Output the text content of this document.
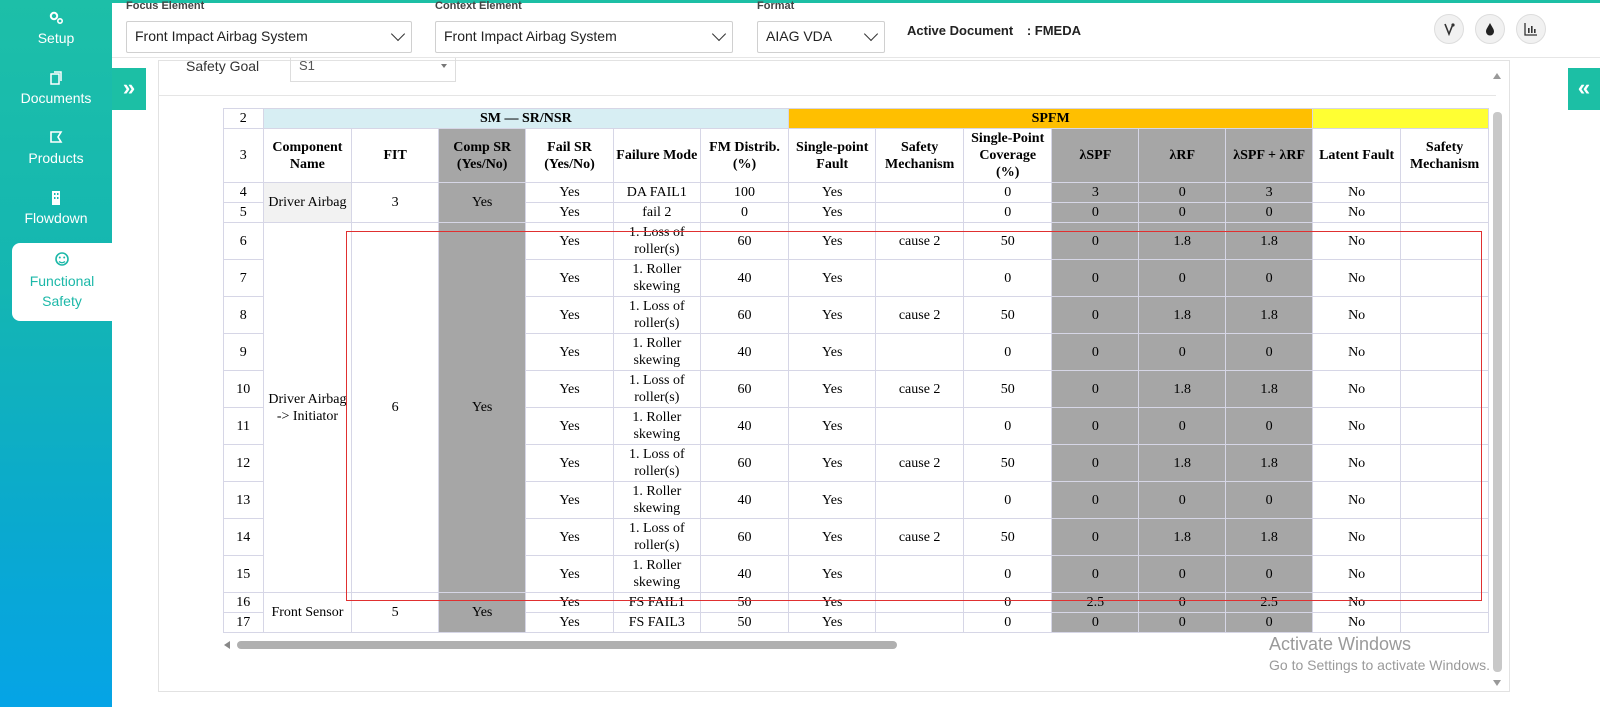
Setup
Documents
Products
Flowdown
Functional
Safety
»	«
Focus Element
Front Impact Airbag System
Context Element
Front Impact Airbag System
Format
AIAG VDA	Active Document : FMEDA
Safety Goal	S1
2	SM — SR/NSR						SPFM							
3	Component Name	FIT	Comp SR (Yes/No)	Fail SR (Yes/No)	Failure Mode	FM Distrib. (%)	Single-point Fault	Safety Mechanism	Single-Point Coverage (%)	λSPF	λRF	λSPF + λRF	Latent Fault	Safety Mechanism
4	Driver Airbag	3	Yes	Yes	DA FAIL1	100	Yes		0	3	0	3	No	
5				Yes	fail 2	0	Yes		0	0	0	0	No	
6	Driver Airbag -> Initiator	6	Yes	Yes	1. Loss of roller(s)	60	Yes	cause 2	50	0	1.8	1.8	No	
7				Yes	1. Roller skewing	40	Yes		0	0	0	0	No	
8				Yes	1. Loss of roller(s)	60	Yes	cause 2	50	0	1.8	1.8	No	
9				Yes	1. Roller skewing	40	Yes		0	0	0	0	No	
10				Yes	1. Loss of roller(s)	60	Yes	cause 2	50	0	1.8	1.8	No	
11				Yes	1. Roller skewing	40	Yes		0	0	0	0	No	
12				Yes	1. Loss of roller(s)	60	Yes	cause 2	50	0	1.8	1.8	No	
13				Yes	1. Roller skewing	40	Yes		0	0	0	0	No	
14				Yes	1. Loss of roller(s)	60	Yes	cause 2	50	0	1.8	1.8	No	
15				Yes	1. Roller skewing	40	Yes		0	0	0	0	No	
16	Front Sensor	5	Yes	Yes	FS FAIL1	50	Yes		0	2.5	0	2.5	No	
17				Yes	FS FAIL3	50	Yes		0	0	0	0	No	
Activate Windows
Go to Settings to activate Windows.
